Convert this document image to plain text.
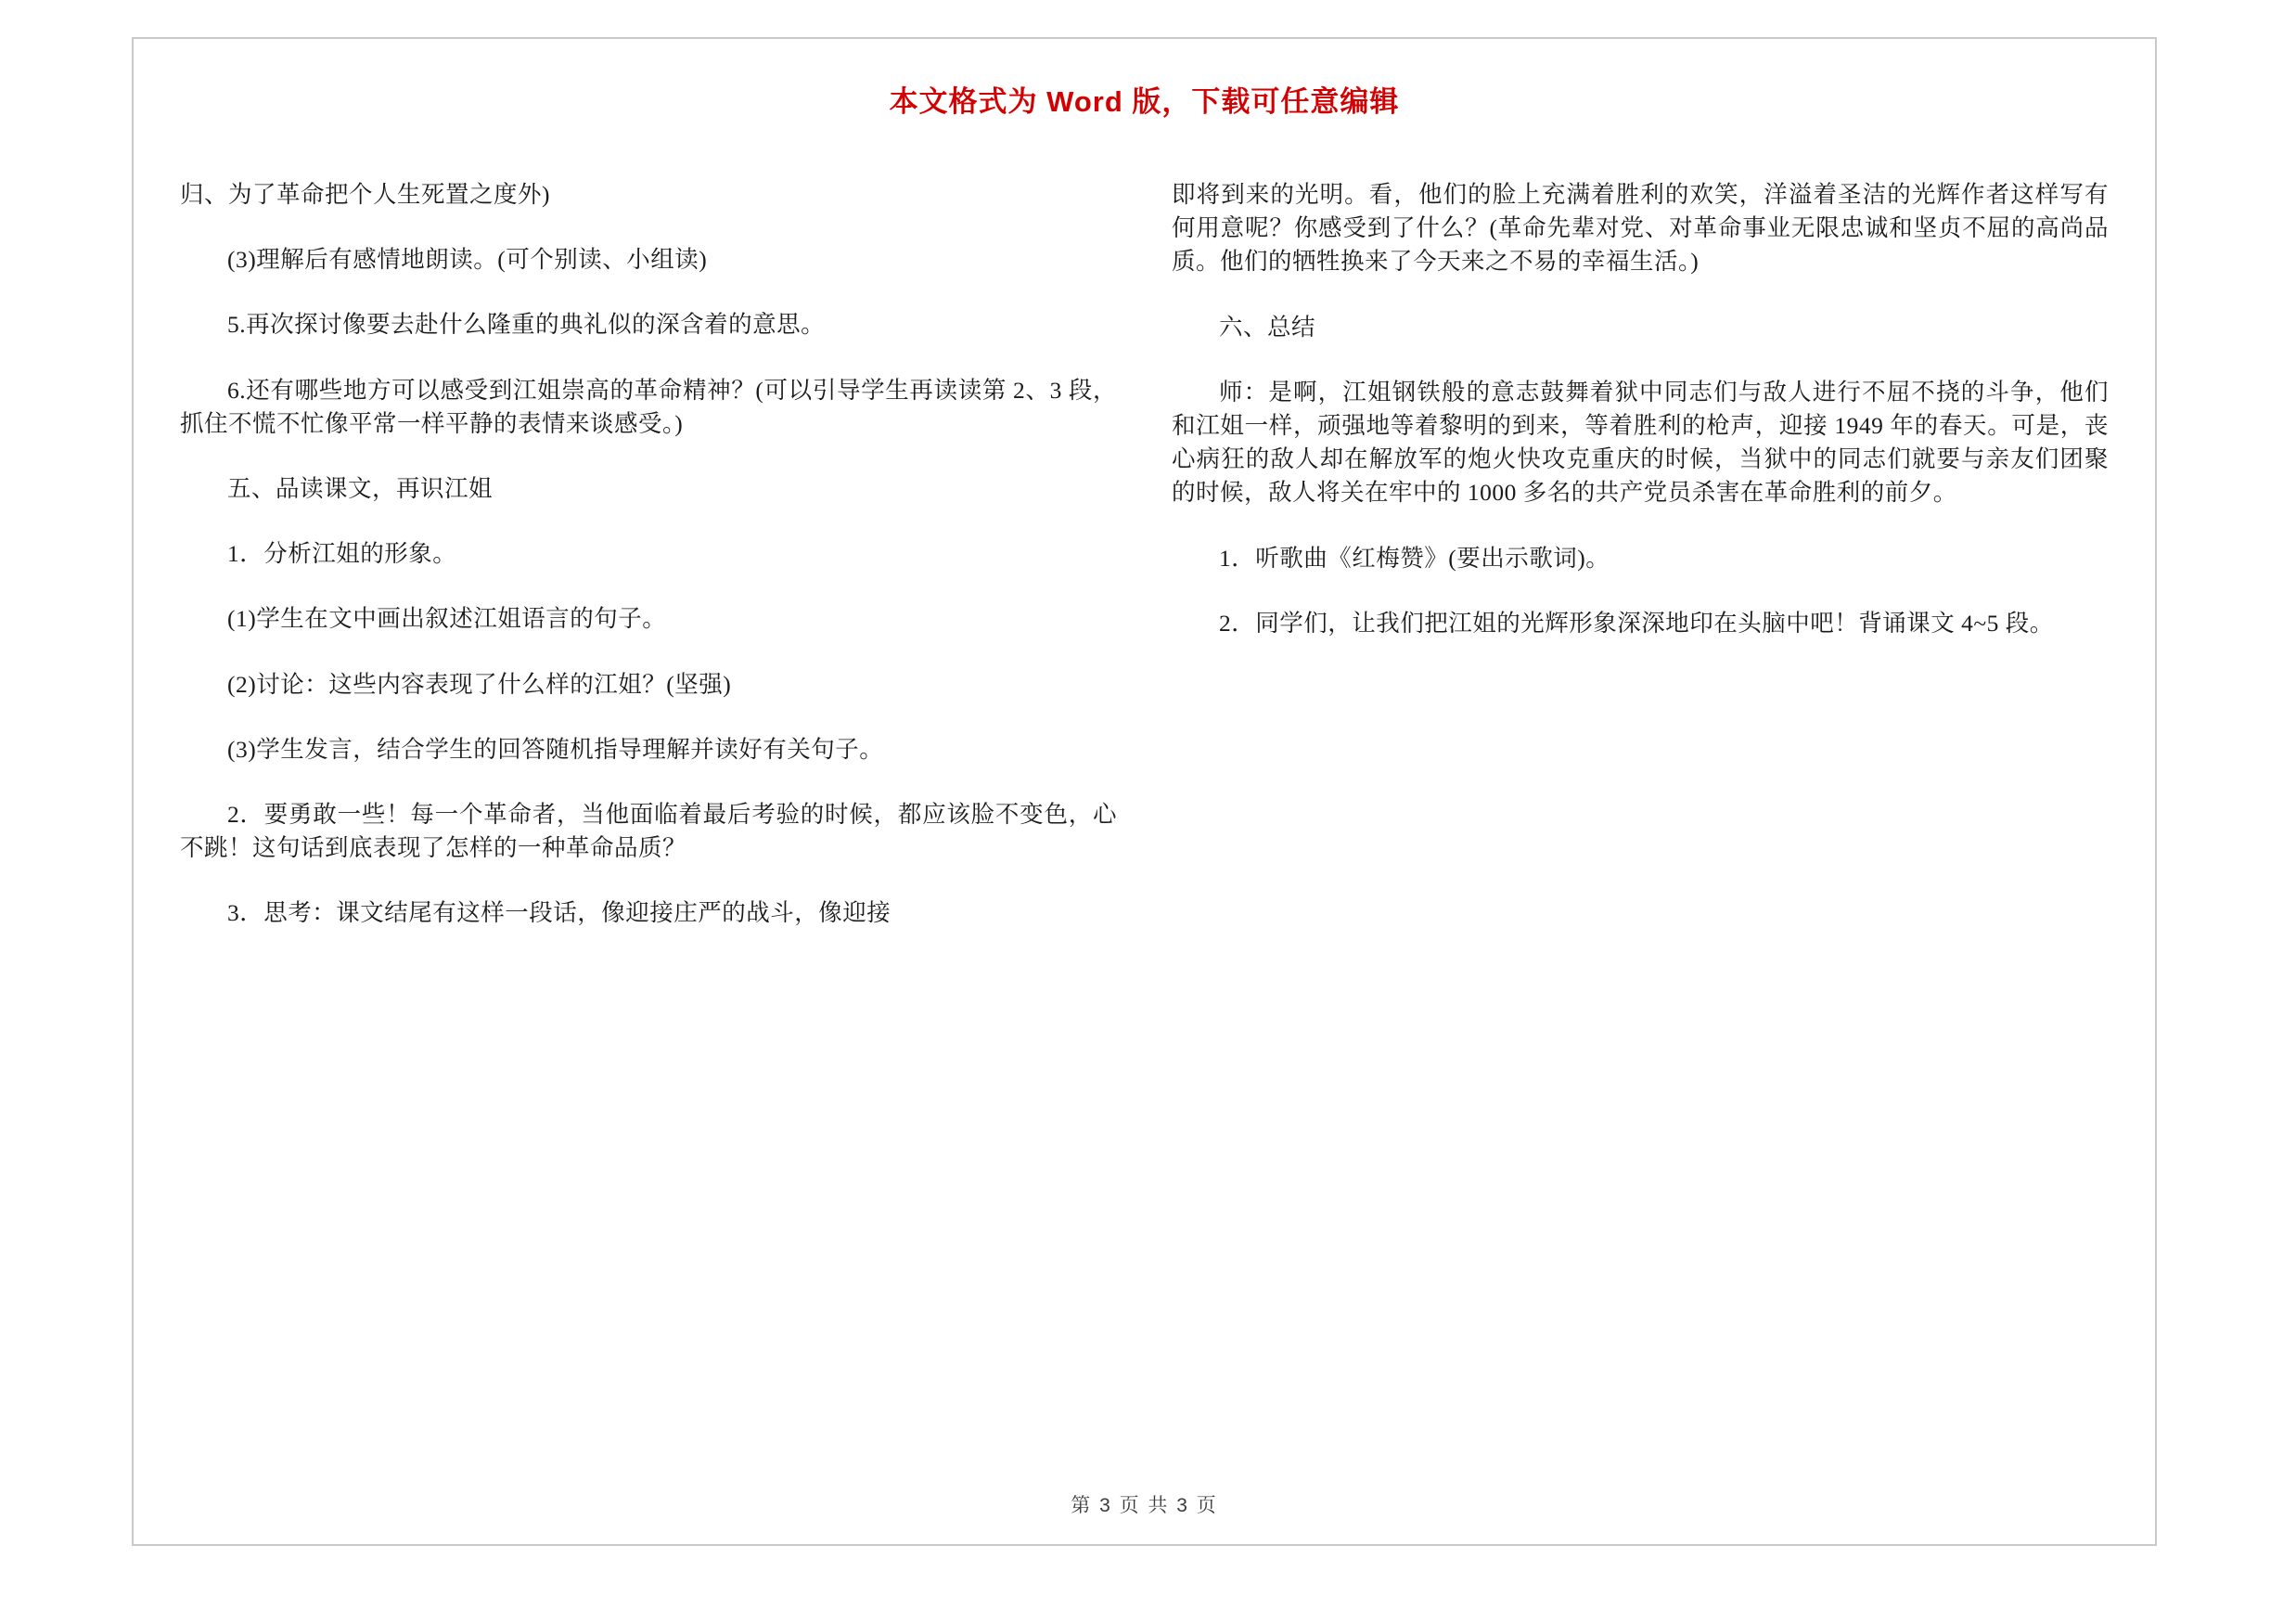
本文格式为 Word 版，下载可任意编辑

归、为了革命把个人生死置之度外)

(3)理解后有感情地朗读。(可个别读、小组读)

5.再次探讨像要去赴什么隆重的典礼似的深含着的意思。

6.还有哪些地方可以感受到江姐崇高的革命精神？(可以引导学生再读读第 2、3 段，抓住不慌不忙像平常一样平静的表情来谈感受。)

五、品读课文，再识江姐

1．分析江姐的形象。

(1)学生在文中画出叙述江姐语言的句子。

(2)讨论：这些内容表现了什么样的江姐？(坚强)

(3)学生发言，结合学生的回答随机指导理解并读好有关句子。

2．要勇敢一些！每一个革命者，当他面临着最后考验的时候，都应该脸不变色，心不跳！这句话到底表现了怎样的一种革命品质？

3．思考：课文结尾有这样一段话，像迎接庄严的战斗，像迎接

即将到来的光明。看，他们的脸上充满着胜利的欢笑，洋溢着圣洁的光辉作者这样写有何用意呢？你感受到了什么？(革命先辈对党、对革命事业无限忠诚和坚贞不屈的高尚品质。他们的牺牲换来了今天来之不易的幸福生活。)

六、总结

师：是啊，江姐钢铁般的意志鼓舞着狱中同志们与敌人进行不屈不挠的斗争，他们和江姐一样，顽强地等着黎明的到来，等着胜利的枪声，迎接 1949 年的春天。可是，丧心病狂的敌人却在解放军的炮火快攻克重庆的时候，当狱中的同志们就要与亲友们团聚的时候，敌人将关在牢中的 1000 多名的共产党员杀害在革命胜利的前夕。

1．听歌曲《红梅赞》(要出示歌词)。

2．同学们，让我们把江姐的光辉形象深深地印在头脑中吧！背诵课文 4~5 段。

第 3 页 共 3 页
